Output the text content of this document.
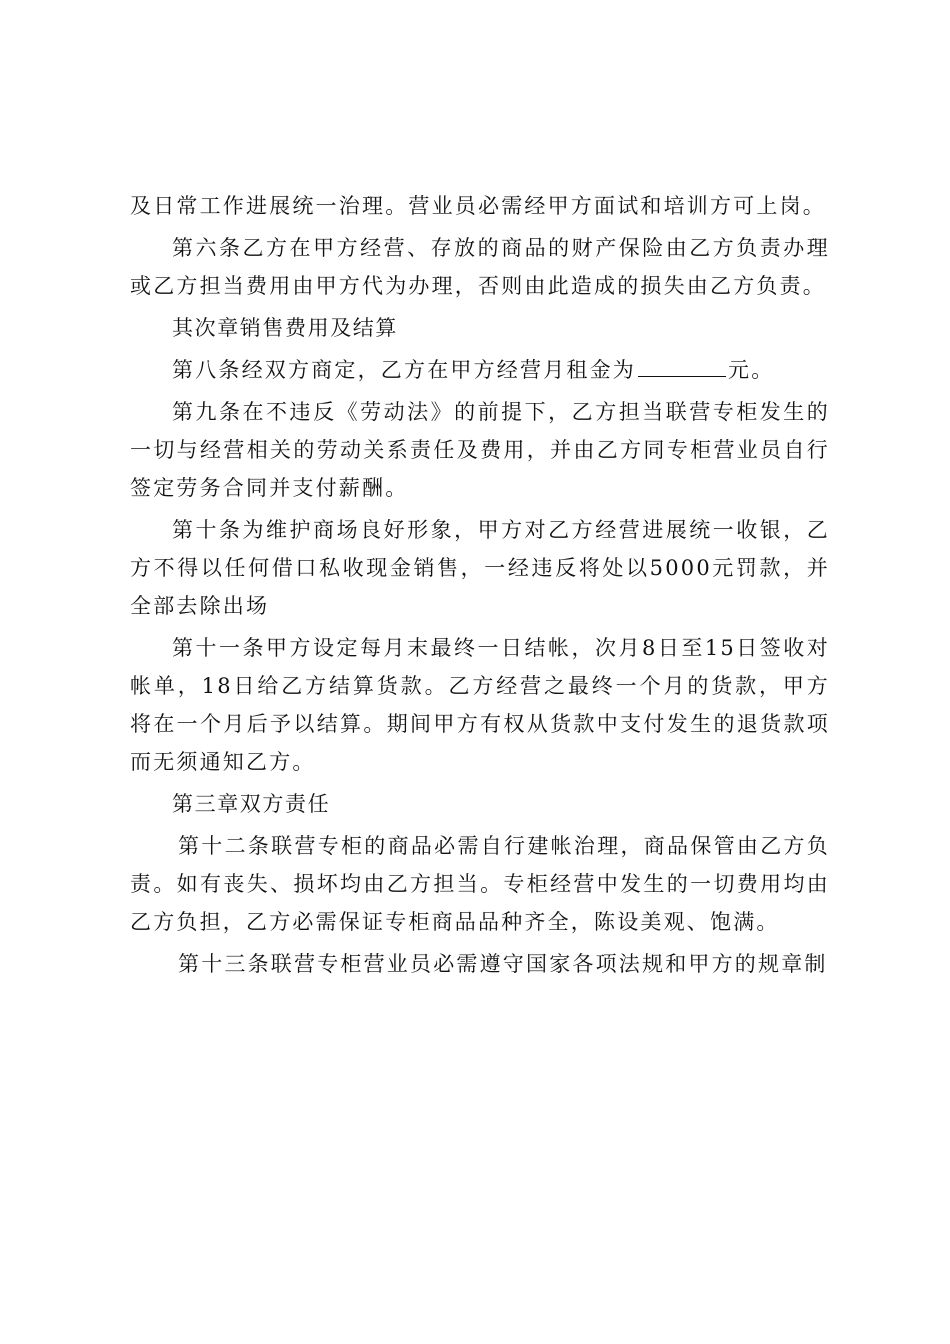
及日常工作进展统一治理。营业员必需经甲方面试和培训方可上岗。

第六条乙方在甲方经营、存放的商品的财产保险由乙方负责办理或乙方担当费用由甲方代为办理，否则由此造成的损失由乙方负责。

其次章销售费用及结算

第八条经双方商定，乙方在甲方经营月租金为	元。

第九条在不违反《劳动法》的前提下，乙方担当联营专柜发生的一切与经营相关的劳动关系责任及费用，并由乙方同专柜营业员自行签定劳务合同并支付薪酬。

第十条为维护商场良好形象，甲方对乙方经营进展统一收银，乙方不得以任何借口私收现金销售，一经违反将处以5000元罚款，并全部去除出场

第十一条甲方设定每月末最终一日结帐，次月8日至15日签收对帐单，18日给乙方结算货款。乙方经营之最终一个月的货款，甲方将在一个月后予以结算。期间甲方有权从货款中支付发生的退货款项而无须通知乙方。

第三章双方责任

第十二条联营专柜的商品必需自行建帐治理，商品保管由乙方负责。如有丧失、损坏均由乙方担当。专柜经营中发生的一切费用均由乙方负担，乙方必需保证专柜商品品种齐全，陈设美观、饱满。

第十三条联营专柜营业员必需遵守国家各项法规和甲方的规章制
